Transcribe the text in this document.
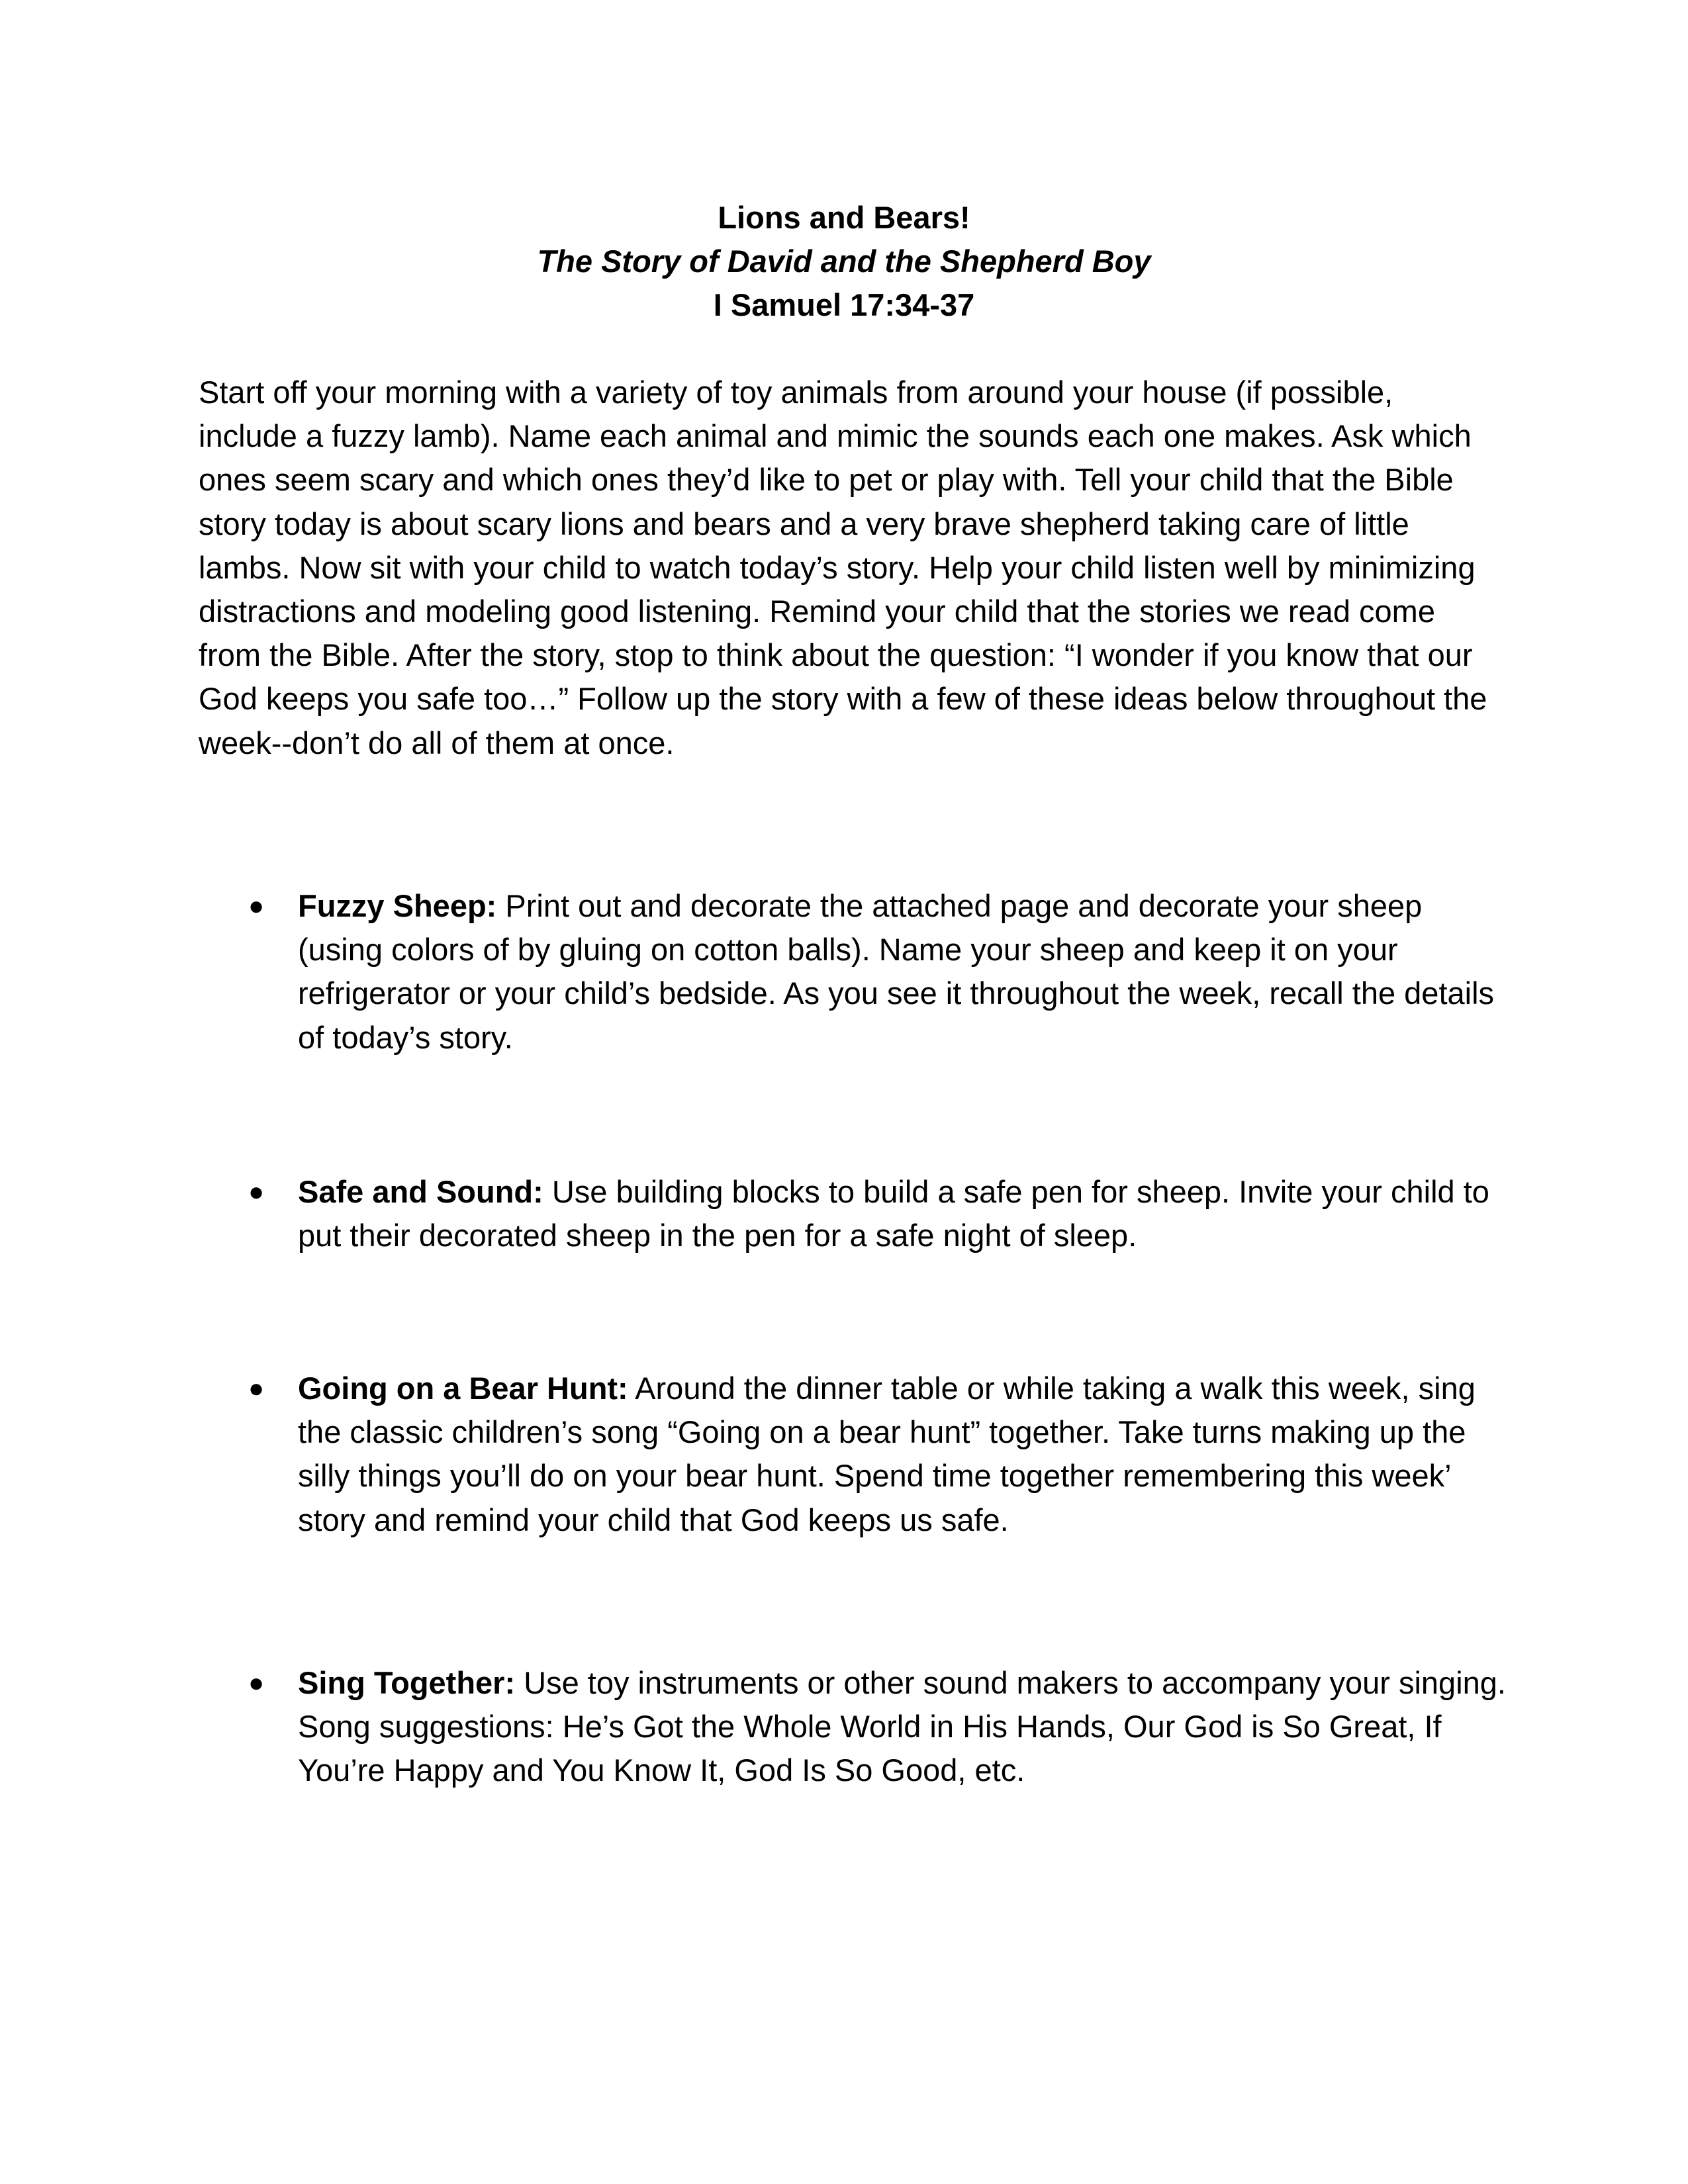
Lions and Bears!
The Story of David and the Shepherd Boy
I Samuel 17:34-37

Start off your morning with a variety of toy animals from around your house (if possible, include a fuzzy lamb). Name each animal and mimic the sounds each one makes. Ask which ones seem scary and which ones they’d like to pet or play with. Tell your child that the Bible story today is about scary lions and bears and a very brave shepherd taking care of little lambs. Now sit with your child to watch today’s story. Help your child listen well by minimizing distractions and modeling good listening. Remind your child that the stories we read come from the Bible. After the story, stop to think about the question: “I wonder if you know that our God keeps you safe too…” Follow up the story with a few of these ideas below throughout the week--don’t do all of them at once.

●	Fuzzy Sheep: Print out and decorate the attached page and decorate your sheep (using colors of by gluing on cotton balls). Name your sheep and keep it on your refrigerator or your child’s bedside. As you see it throughout the week, recall the details of today’s story.
●	Safe and Sound: Use building blocks to build a safe pen for sheep. Invite your child to put their decorated sheep in the pen for a safe night of sleep.
●	Going on a Bear Hunt: Around the dinner table or while taking a walk this week, sing the classic children’s song “Going on a bear hunt” together. Take turns making up the silly things you’ll do on your bear hunt. Spend time together remembering this week’ story and remind your child that God keeps us safe.
●	Sing Together: Use toy instruments or other sound makers to accompany your singing. Song suggestions: He’s Got the Whole World in His Hands, Our God is So Great, If You’re Happy and You Know It, God Is So Good, etc.
